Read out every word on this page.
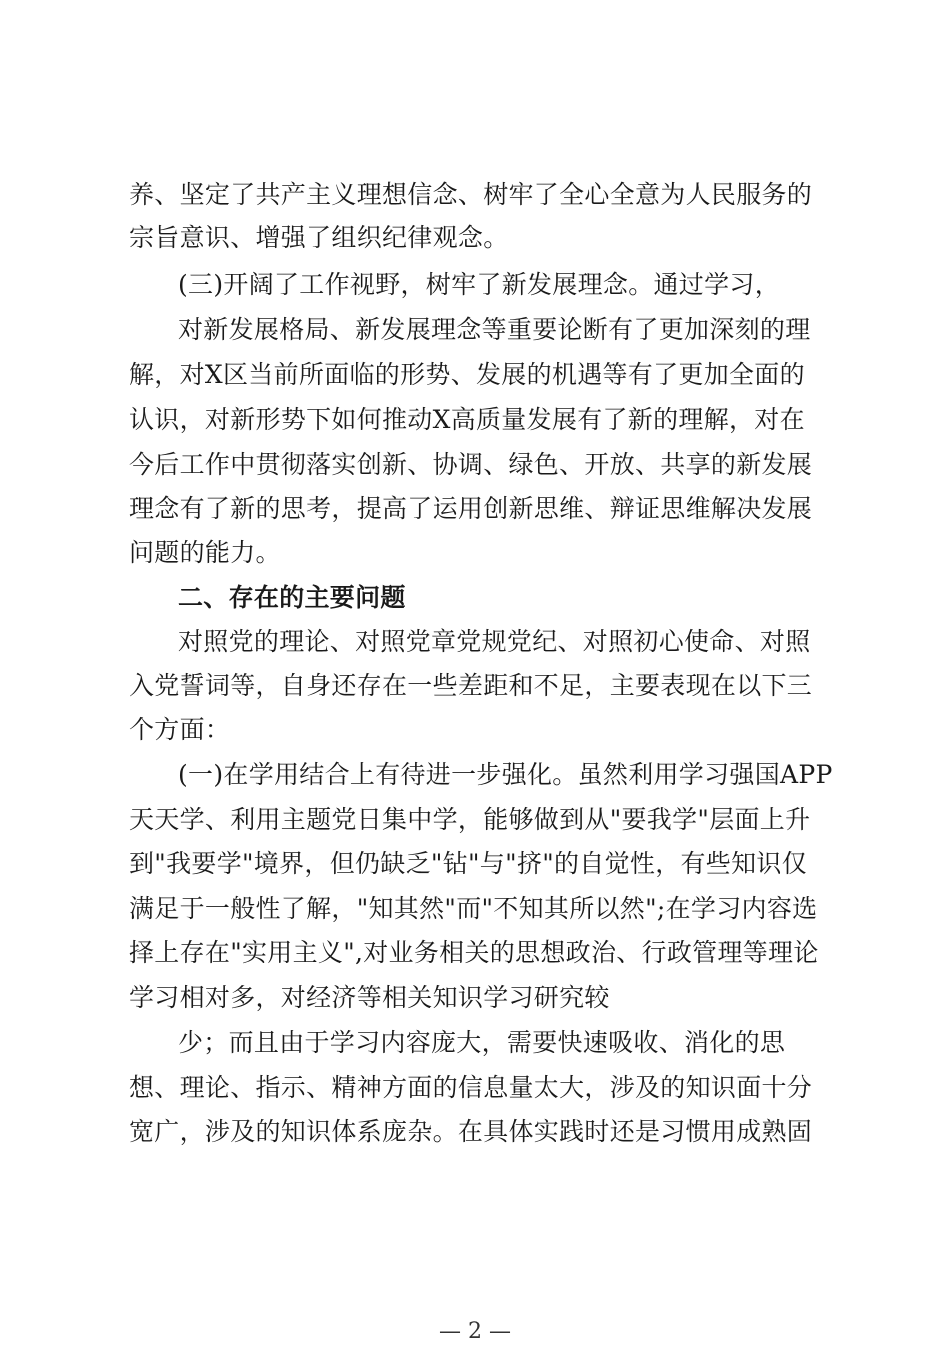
养、坚定了共产主义理想信念、树牢了全心全意为人民服务的
宗旨意识、增强了组织纪律观念。
(三)开阔了工作视野，树牢了新发展理念。通过学习，
对新发展格局、新发展理念等重要论断有了更加深刻的理
解，对X区当前所面临的形势、发展的机遇等有了更加全面的
认识，对新形势下如何推动X高质量发展有了新的理解，对在
今后工作中贯彻落实创新、协调、绿色、开放、共享的新发展
理念有了新的思考，提高了运用创新思维、辩证思维解决发展
问题的能力。
二、存在的主要问题
对照党的理论、对照党章党规党纪、对照初心使命、对照
入党誓词等，自身还存在一些差距和不足，主要表现在以下三
个方面：
(一)在学用结合上有待进一步强化。虽然利用学习强国APP
天天学、利用主题党日集中学，能够做到从"要我学"层面上升
到"我要学"境界，但仍缺乏"钻"与"挤"的自觉性，有些知识仅
满足于一般性了解，"知其然"而"不知其所以然";在学习内容选
择上存在"实用主义",对业务相关的思想政治、行政管理等理论
学习相对多，对经济等相关知识学习研究较
少；而且由于学习内容庞大，需要快速吸收、消化的思
想、理论、指示、精神方面的信息量太大，涉及的知识面十分
宽广，涉及的知识体系庞杂。在具体实践时还是习惯用成熟固
— 2 —
